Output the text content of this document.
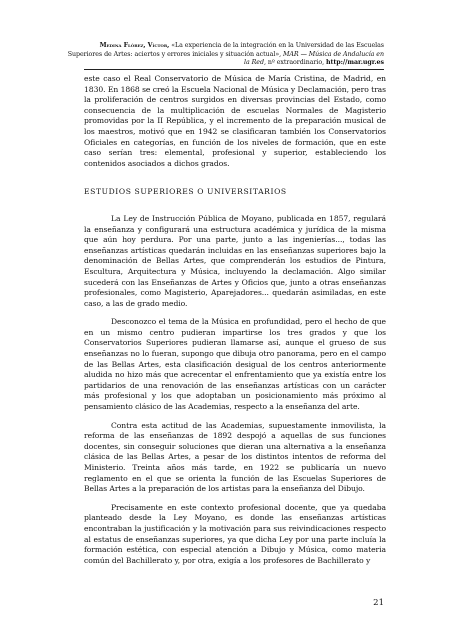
Medina Flórez, Víctor, «La experiencia de la integración en la Universidad de las Escuelas Superiores de Artes: aciertos y errores iniciales y situación actual», MAR — Música de Andalucía en la Red, nº extraordinario, http://mar.ugr.es

este caso el Real Conservatorio de Música de María Cristina, de Madrid, en 1830. En 1868 se creó la Escuela Nacional de Música y Declamación, pero tras la proliferación de centros surgidos en diversas provincias del Estado, como consecuencia de la multiplicación de escuelas Normales de Magisterio promovidas por la II República, y el incremento de la preparación musical de los maestros, motivó que en 1942 se clasificaran también los Conservatorios Oficiales en categorías, en función de los niveles de formación, que en este caso serían tres: elemental, profesional y superior, estableciendo los contenidos asociados a dichos grados.

ESTUDIOS SUPERIORES O UNIVERSITARIOS

La Ley de Instrucción Pública de Moyano, publicada en 1857, regulará la enseñanza y configurará una estructura académica y jurídica de la misma que aún hoy perdura. Por una parte, junto a las ingenierías..., todas las enseñanzas artísticas quedarán incluidas en las enseñanzas superiores bajo la denominación de Bellas Artes, que comprenderán los estudios de Pintura, Escultura, Arquitectura y Música, incluyendo la declamación. Algo similar sucederá con las Enseñanzas de Artes y Oficios que, junto a otras enseñanzas profesionales, como Magisterio, Aparejadores... quedarán asimiladas, en este caso, a las de grado medio.

Desconozco el tema de la Música en profundidad, pero el hecho de que en un mismo centro pudieran impartirse los tres grados y que los Conservatorios Superiores pudieran llamarse así, aunque el grueso de sus enseñanzas no lo fueran, supongo que dibuja otro panorama, pero en el campo de las Bellas Artes, esta clasificación desigual de los centros anteriormente aludida no hizo más que acrecentar el enfrentamiento que ya existía entre los partidarios de una renovación de las enseñanzas artísticas con un carácter más profesional y los que adoptaban un posicionamiento más próximo al pensamiento clásico de las Academias, respecto a la enseñanza del arte.

Contra esta actitud de las Academias, supuestamente inmovilista, la reforma de las enseñanzas de 1892 despojó a aquellas de sus funciones docentes, sin conseguir soluciones que dieran una alternativa a la enseñanza clásica de las Bellas Artes, a pesar de los distintos intentos de reforma del Ministerio. Treinta años más tarde, en 1922 se publicaría un nuevo reglamento en el que se orienta la función de las Escuelas Superiores de Bellas Artes a la preparación de los artistas para la enseñanza del Dibujo.

Precisamente en este contexto profesional docente, que ya quedaba planteado desde la Ley Moyano, es donde las enseñanzas artísticas encontraban la justificación y la motivación para sus reivindicaciones respecto al estatus de enseñanzas superiores, ya que dicha Ley por una parte incluía la formación estética, con especial atención a Dibujo y Música, como materia común del Bachillerato y, por otra, exigía a los profesores de Bachillerato y

21
